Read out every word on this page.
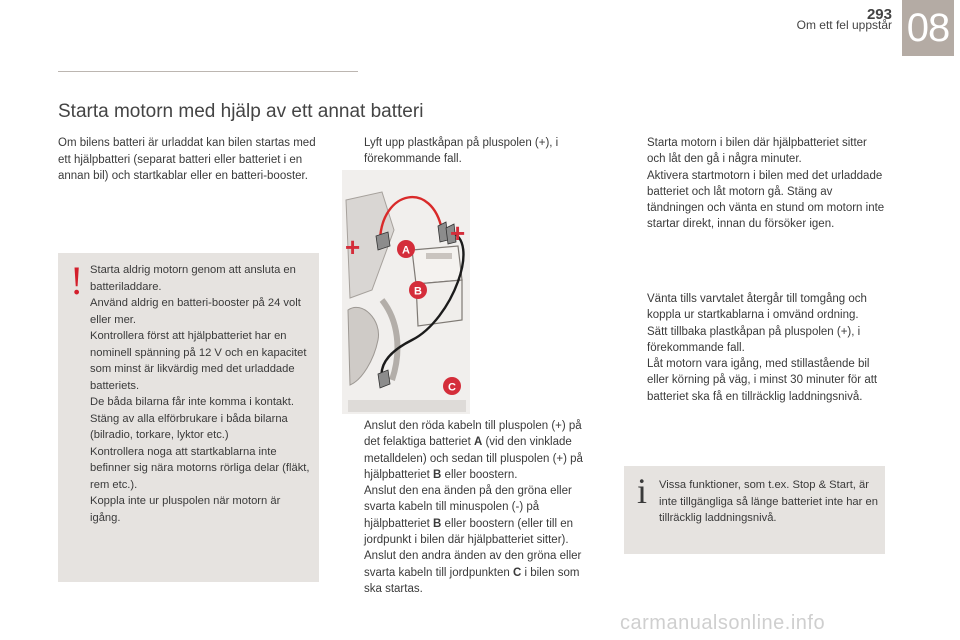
293
Om ett fel uppstår 08
Starta motorn med hjälp av ett annat batteri
Om bilens batteri är urladdat kan bilen startas med ett hjälpbatteri (separat batteri eller batteriet i en annan bil) och startkablar eller en batteri-booster.
! Starta aldrig motorn genom att ansluta en batteriladdare.
Använd aldrig en batteri-booster på 24 volt eller mer.
Kontrollera först att hjälpbatteriet har en nominell spänning på 12 V och en kapacitet som minst är likvärdig med det urladdade batteriets.
De båda bilarna får inte komma i kontakt.
Stäng av alla elförbrukare i båda bilarna (bilradio, torkare, lyktor etc.)
Kontrollera noga att startkablarna inte befinner sig nära motorns rörliga delar (fläkt, rem etc.).
Koppla inte ur pluspolen när motorn är igång.

Lyft upp plastkåpan på pluspolen (+), i förekommande fall.

+	+
A
B
C

Anslut den röda kabeln till pluspolen (+) på det felaktiga batteriet A (vid den vinklade metalldelen) och sedan till pluspolen (+) på hjälpbatteriet B eller boostern.

Anslut den ena änden på den gröna eller svarta kabeln till minuspolen (-) på hjälpbatteriet B eller boostern (eller till en jordpunkt i bilen där hjälpbatteriet sitter).

Anslut den andra änden av den gröna eller svarta kabeln till jordpunkten C i bilen som ska startas.

Starta motorn i bilen där hjälpbatteriet sitter och låt den gå i några minuter.

Aktivera startmotorn i bilen med det urladdade batteriet och låt motorn gå. Stäng av tändningen och vänta en stund om motorn inte startar direkt, innan du försöker igen.

Vänta tills varvtalet återgår till tomgång och koppla ur startkablarna i omvänd ordning.

Sätt tillbaka plastkåpan på pluspolen (+), i förekommande fall.

Låt motorn vara igång, med stillastående bil eller körning på väg, i minst 30 minuter för att batteriet ska få en tillräcklig laddningsnivå.

i Vissa funktioner, som t.ex. Stop & Start, är inte tillgängliga så länge batteriet inte har en tillräcklig laddningsnivå.
carmanualsonline.info
